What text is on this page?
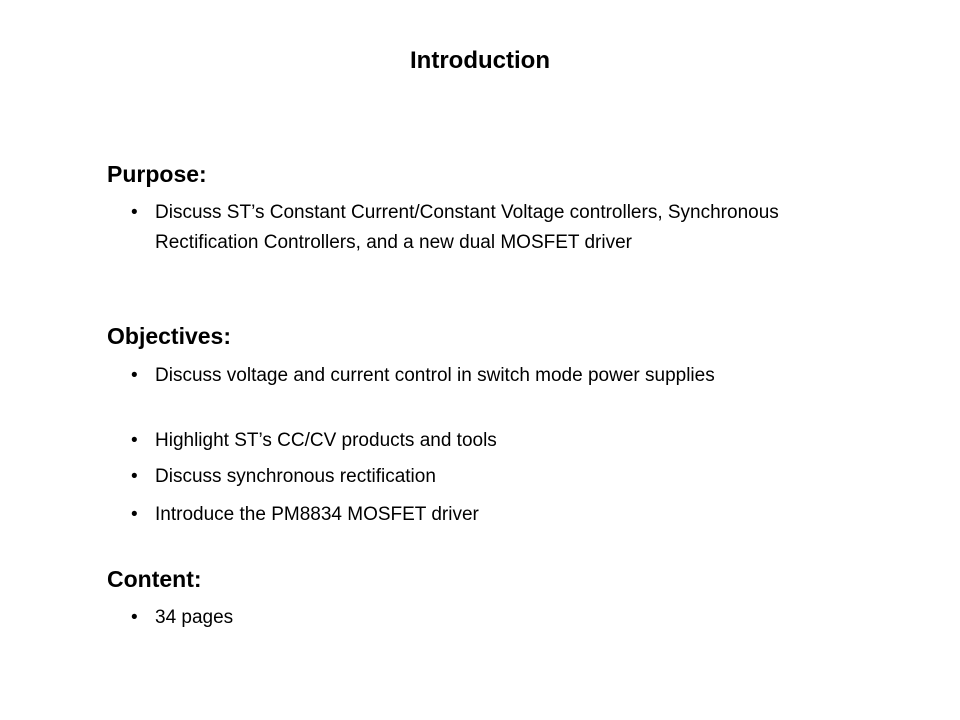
Introduction
Purpose:
• Discuss ST’s Constant Current/Constant Voltage controllers, Synchronous Rectification Controllers, and a new dual MOSFET driver
Objectives:
• Discuss voltage and current control in switch mode power supplies
• Highlight ST’s CC/CV products and tools
• Discuss synchronous rectification
• Introduce the PM8834 MOSFET driver
Content:
• 34 pages
